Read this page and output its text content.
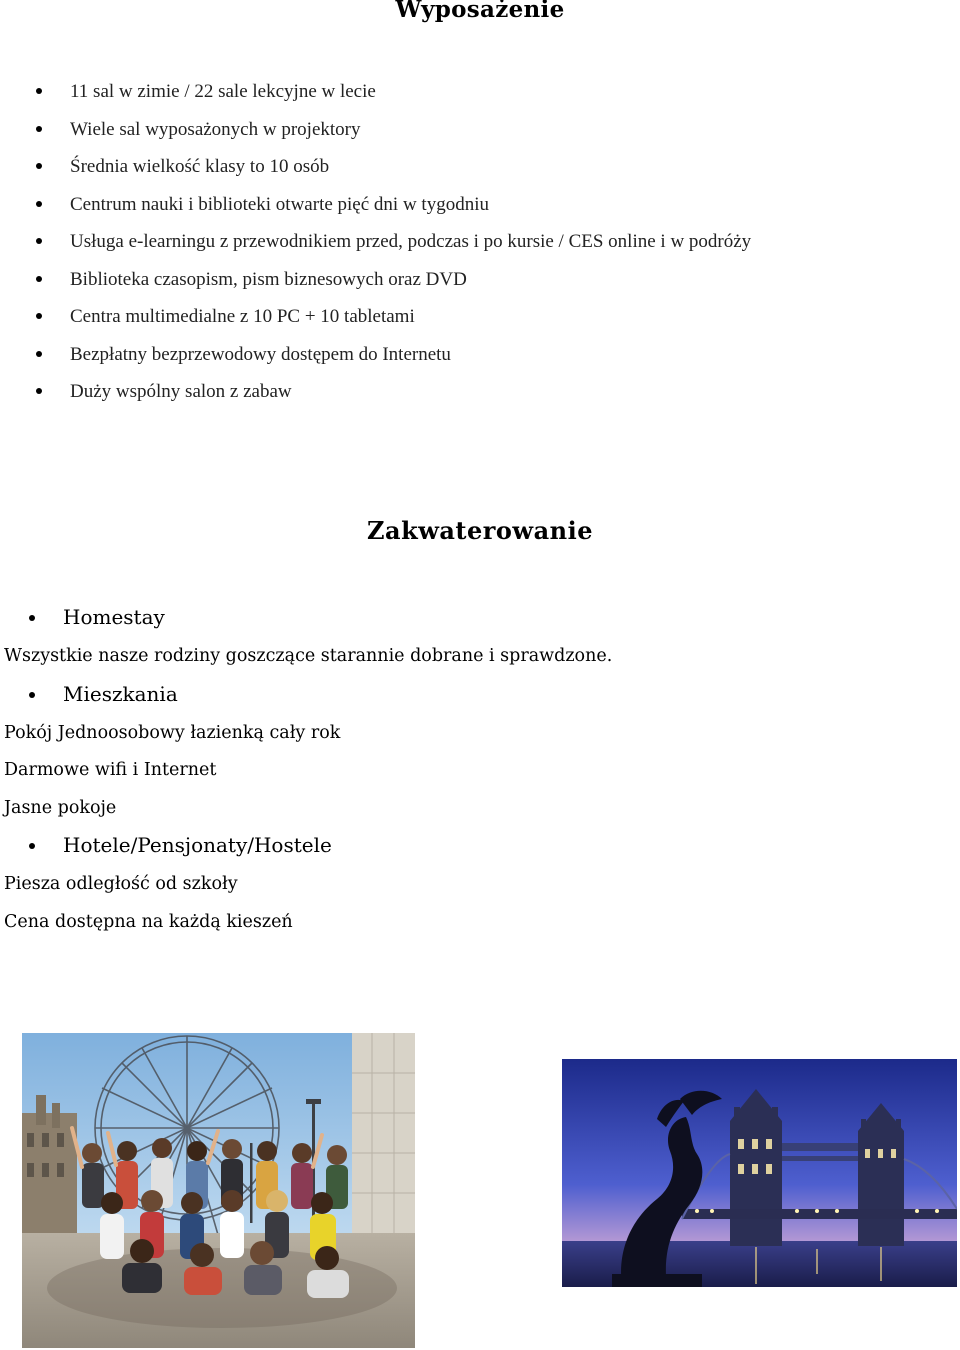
Wyposażenie
11 sal w zimie / 22 sale lekcyjne w lecie
Wiele sal wyposażonych w projektory
Średnia wielkość klasy to 10 osób
Centrum nauki i biblioteki otwarte pięć dni w tygodniu
Usługa e-learningu z przewodnikiem przed, podczas i po kursie / CES online i w podróży
Biblioteka czasopism, pism biznesowych oraz DVD
Centra multimedialne z 10 PC + 10 tabletami
Bezpłatny bezprzewodowy dostępem do Internetu
Duży wspólny salon z zabaw
Zakwaterowanie
Homestay
Wszystkie nasze rodziny goszczące starannie dobrane i sprawdzone.
Mieszkania
Pokój Jednoosobowy łazienką cały rok
Darmowe wifi i Internet
Jasne pokoje
Hotele/Pensjonaty/Hostele
Piesza odległość od szkoły
Cena dostępna na każdą kieszeń
